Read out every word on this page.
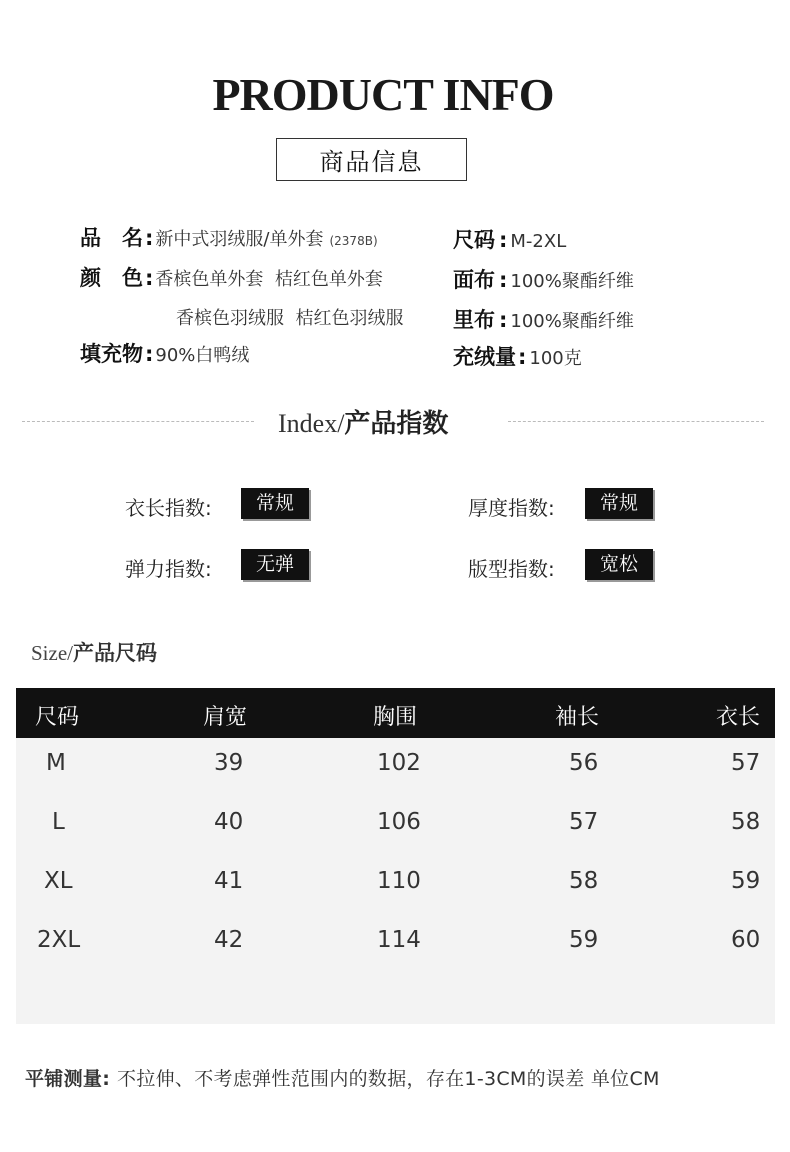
PRODUCT INFO
商品信息
品　名: 新中式羽绒服/单外套 (2378B)
颜　色: 香槟色单外套  桔红色单外套
香槟色羽绒服  桔红色羽绒服
填充物: 90%白鸭绒
尺码 : M-2XL
面布 : 100%聚酯纤维
里布 : 100%聚酯纤维
充绒量: 100克
Index/产品指数
衣长指数:	常规	厚度指数:	常规
弹力指数:	无弹	版型指数:	宽松
Size/产品尺码
尺码	肩宽	胸围	袖长	衣长
M	39	102	56	57
L	40	106	57	58
XL	41	110	58	59
2XL	42	114	59	60
平铺测量: 不拉伸、不考虑弹性范围内的数据，存在1-3CM的误差 单位CM
